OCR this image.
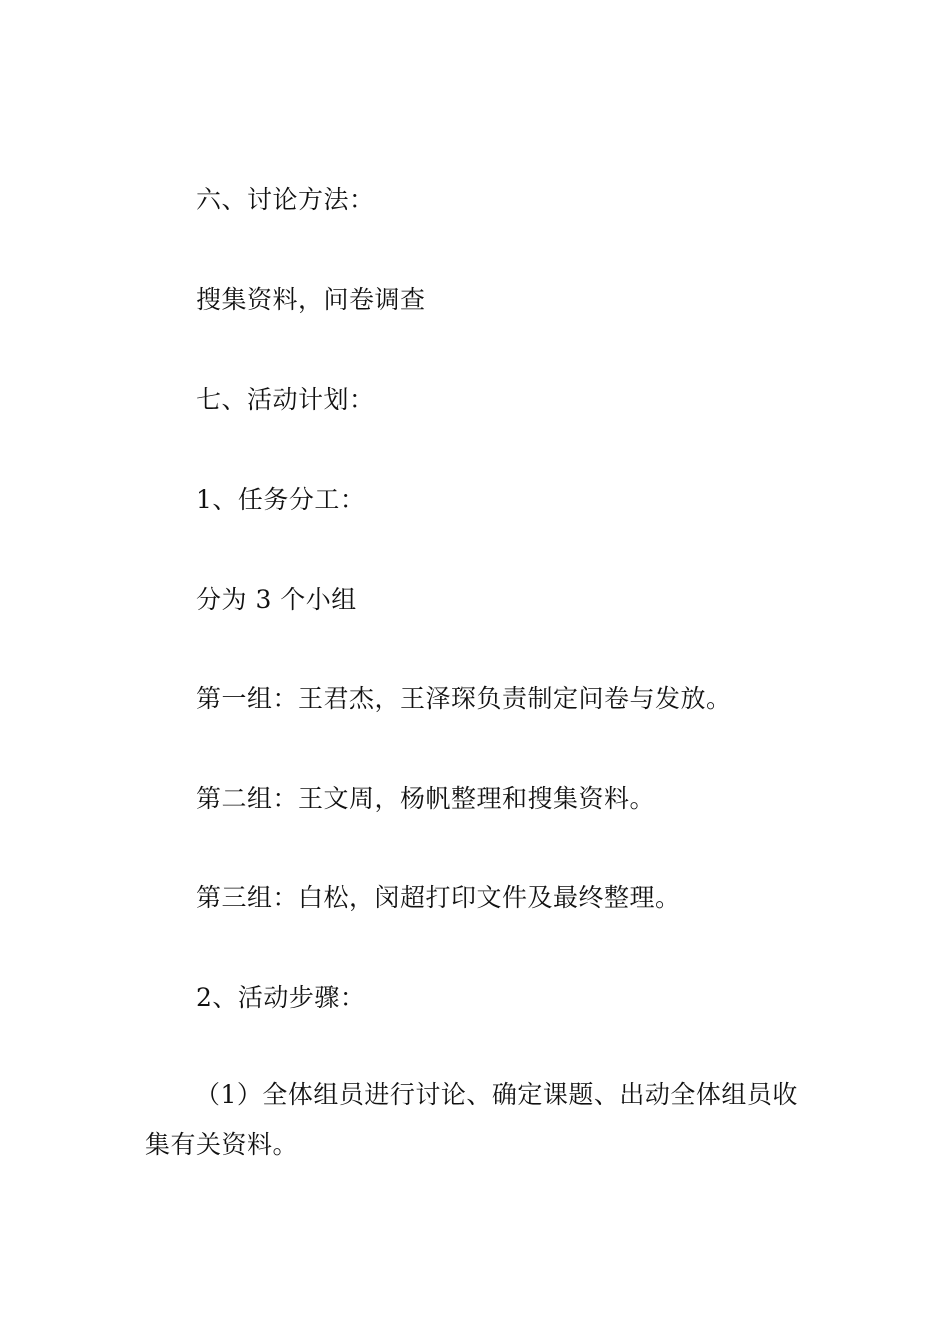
六、讨论方法：
搜集资料，问卷调查
七、活动计划：
1、任务分工：
分为 3 个小组
第一组：王君杰，王泽琛负责制定问卷与发放。
第二组：王文周，杨帆整理和搜集资料。
第三组：白松，闵超打印文件及最终整理。
2、活动步骤：
（1）全体组员进行讨论、确定课题、出动全体组员收集有关资料。
